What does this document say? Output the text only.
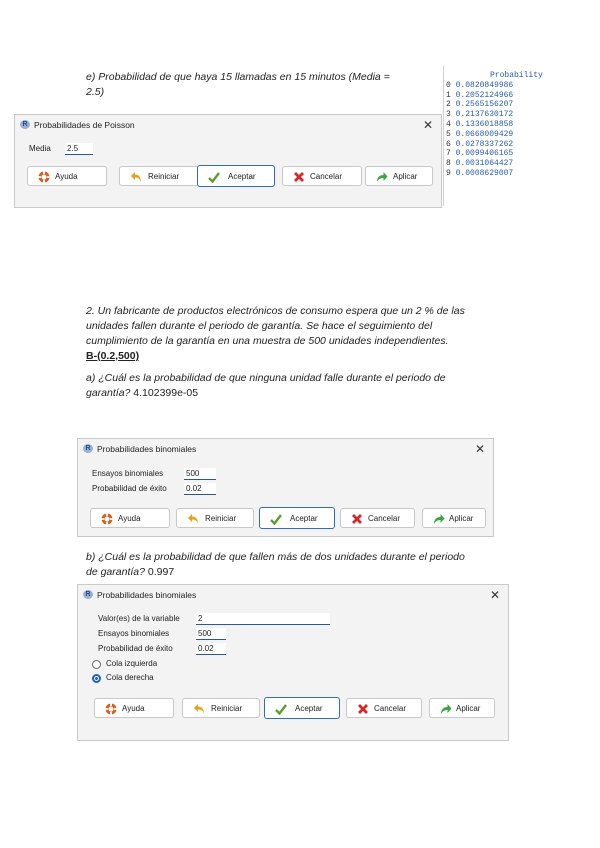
e) Probabilidad de que haya 15 llamadas en 15 minutos (Media =
2.5)
Probability
0 0.0820849986
1 0.2052124966
2 0.2565156207
3 0.2137630172
4 0.1336018858
5 0.0668009429
6 0.0278337262
7 0.0099406165
8 0.0031064427
9 0.0008629007
R Probabilidades de Poisson	✕
Media 2.5
Ayuda	Reiniciar	Aceptar	Cancelar	Aplicar
2. Un fabricante de productos electrónicos de consumo espera que un 2 % de las
unidades fallen durante el periodo de garantía. Se hace el seguimiento del
cumplimiento de la garantía en una muestra de 500 unidades independientes.
B-(0.2,500)
a) ¿Cuál es la probabilidad de que ninguna unidad falle durante el periodo de
garantía? 4.102399e-05
R Probabilidades binomiales	✕
Ensayos binomiales	500
Probabilidad de éxito 0.02
Ayuda	Reiniciar	Aceptar	Cancelar	Aplicar
b) ¿Cuál es la probabilidad de que fallen más de dos unidades durante el periodo
de garantía? 0.997
R Probabilidades binomiales	✕
Valor(es) de la variable 2
Ensayos binomiales	500
Probabilidad de éxito	0.02
Cola izquierda
Cola derecha
Ayuda	Reiniciar	Aceptar	Cancelar	Aplicar
